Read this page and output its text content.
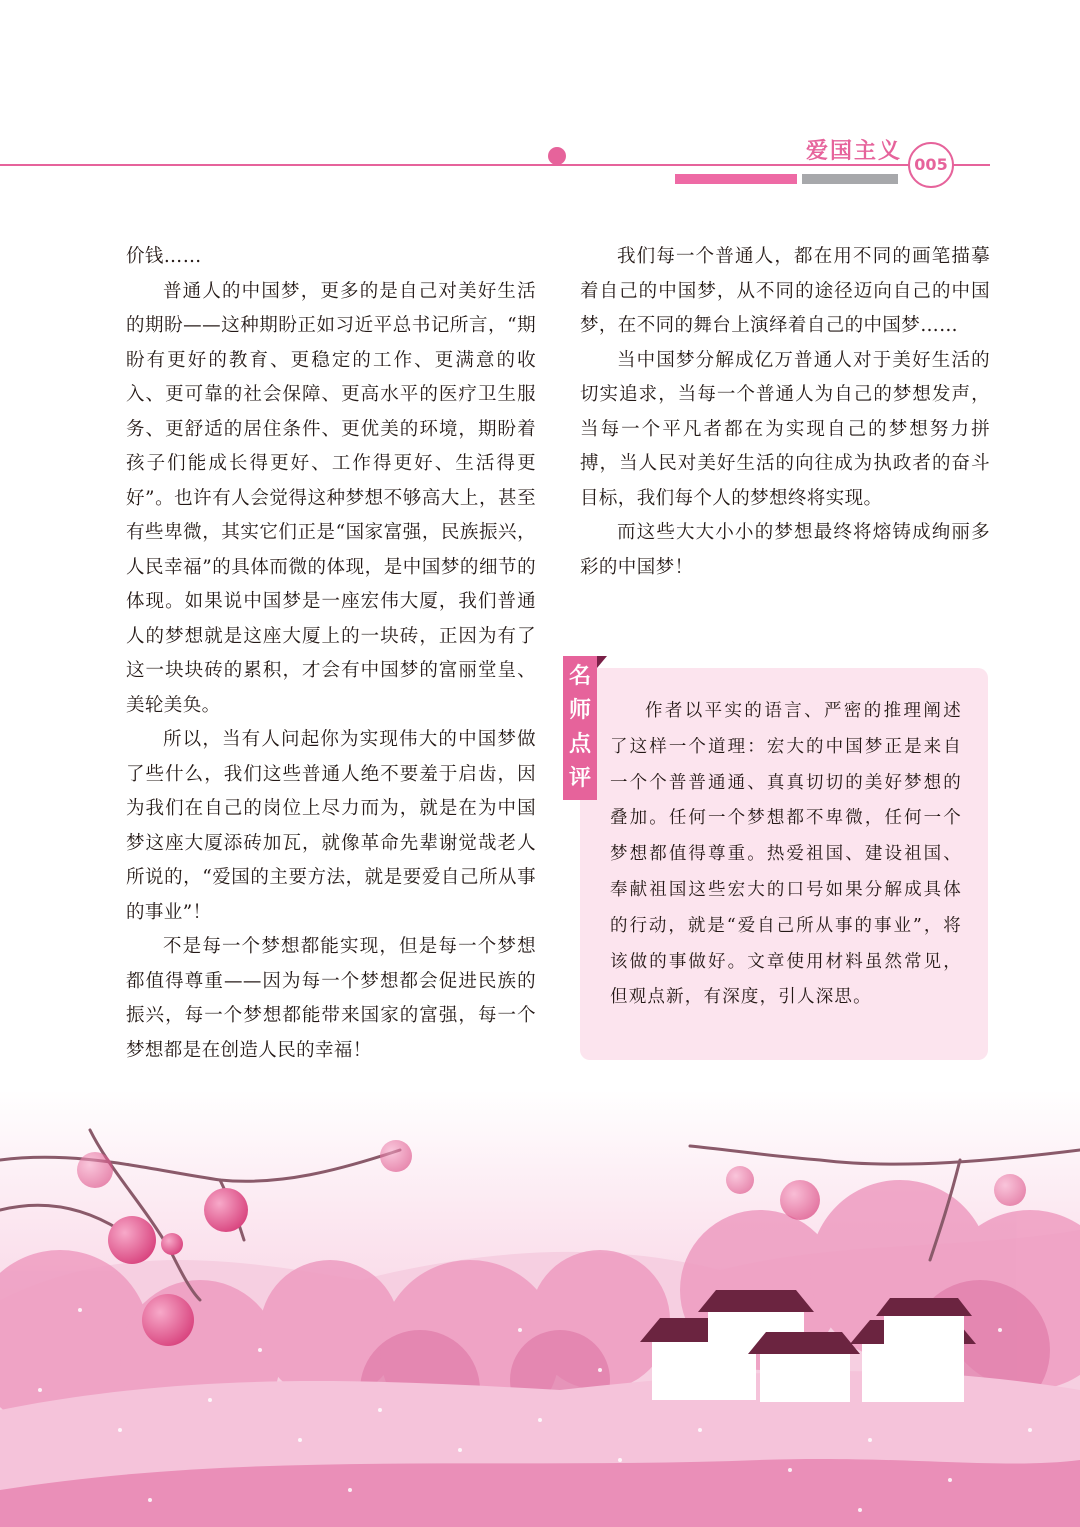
爱国主义
005

价钱……

普通人的中国梦，更多的是自己对美好生活的期盼——这种期盼正如习近平总书记所言，“期盼有更好的教育、更稳定的工作、更满意的收入、更可靠的社会保障、更高水平的医疗卫生服务、更舒适的居住条件、更优美的环境，期盼着孩子们能成长得更好、工作得更好、生活得更好”。也许有人会觉得这种梦想不够高大上，甚至有些卑微，其实它们正是“国家富强，民族振兴，人民幸福”的具体而微的体现，是中国梦的细节的体现。如果说中国梦是一座宏伟大厦，我们普通人的梦想就是这座大厦上的一块砖，正因为有了这一块块砖的累积，才会有中国梦的富丽堂皇、美轮美奂。

所以，当有人问起你为实现伟大的中国梦做了些什么，我们这些普通人绝不要羞于启齿，因为我们在自己的岗位上尽力而为，就是在为中国梦这座大厦添砖加瓦，就像革命先辈谢觉哉老人所说的，“爱国的主要方法，就是要爱自己所从事的事业”！

不是每一个梦想都能实现，但是每一个梦想都值得尊重——因为每一个梦想都会促进民族的振兴，每一个梦想都能带来国家的富强，每一个梦想都是在创造人民的幸福！

我们每一个普通人，都在用不同的画笔描摹着自己的中国梦，从不同的途径迈向自己的中国梦，在不同的舞台上演绎着自己的中国梦……

当中国梦分解成亿万普通人对于美好生活的切实追求，当每一个普通人为自己的梦想发声，当每一个平凡者都在为实现自己的梦想努力拼搏，当人民对美好生活的向往成为执政者的奋斗目标，我们每个人的梦想终将实现。

而这些大大小小的梦想最终将熔铸成绚丽多彩的中国梦！

名
师
点
评

作者以平实的语言、严密的推理阐述了这样一个道理：宏大的中国梦正是来自一个个普普通通、真真切切的美好梦想的叠加。任何一个梦想都不卑微，任何一个梦想都值得尊重。热爱祖国、建设祖国、奉献祖国这些宏大的口号如果分解成具体的行动，就是“爱自己所从事的事业”，将该做的事做好。文章使用材料虽然常见，但观点新，有深度，引人深思。
